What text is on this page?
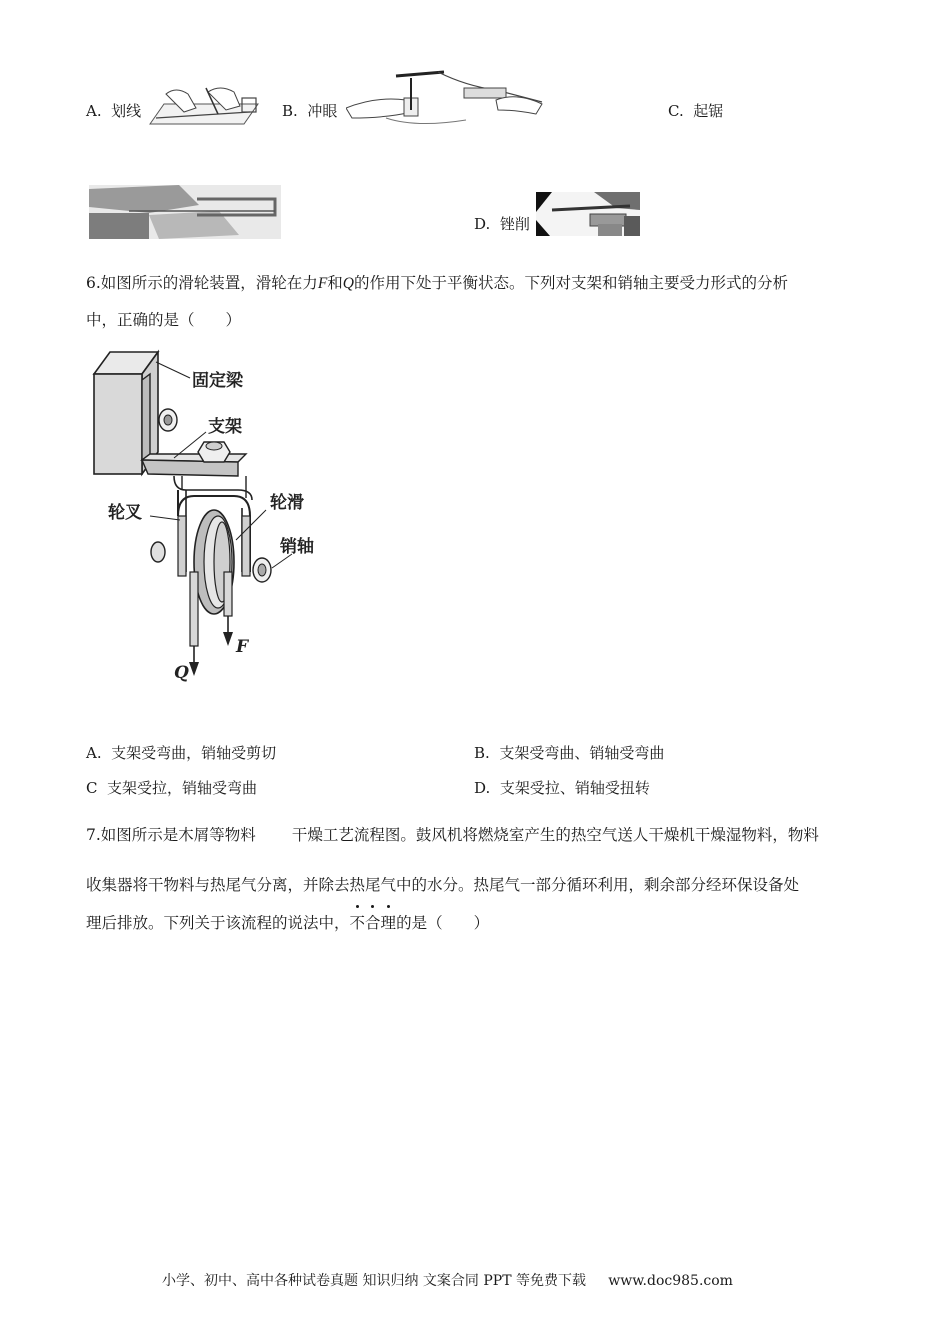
A. 划线	B. 冲眼	C. 起锯
D. 锉削
6.如图所示的滑轮装置，滑轮在力F和Q的作用下处于平衡状态。下列对支架和销轴主要受力形式的分析
中，正确的是（　　）
固定梁
支架
轮叉	轮滑
销轴
Q
F
A. 支架受弯曲，销轴受剪切	B. 支架受弯曲、销轴受弯曲
C 支架受拉，销轴受弯曲	D. 支架受拉、销轴受扭转
7.如图所示是木屑等物料 干燥工艺流程图。鼓风机将燃烧室产生的热空气送人干燥机干燥湿物料，物料
收集器将干物料与热尾气分离，并除去热尾气中的水分。热尾气一部分循环利用，剩余部分经环保设备处
理后排放。下列关于该流程的说法中，不合理的是（　　）
小学、初中、高中各种试卷真题 知识归纳 文案合同 PPT 等免费下载 www.doc985.com
